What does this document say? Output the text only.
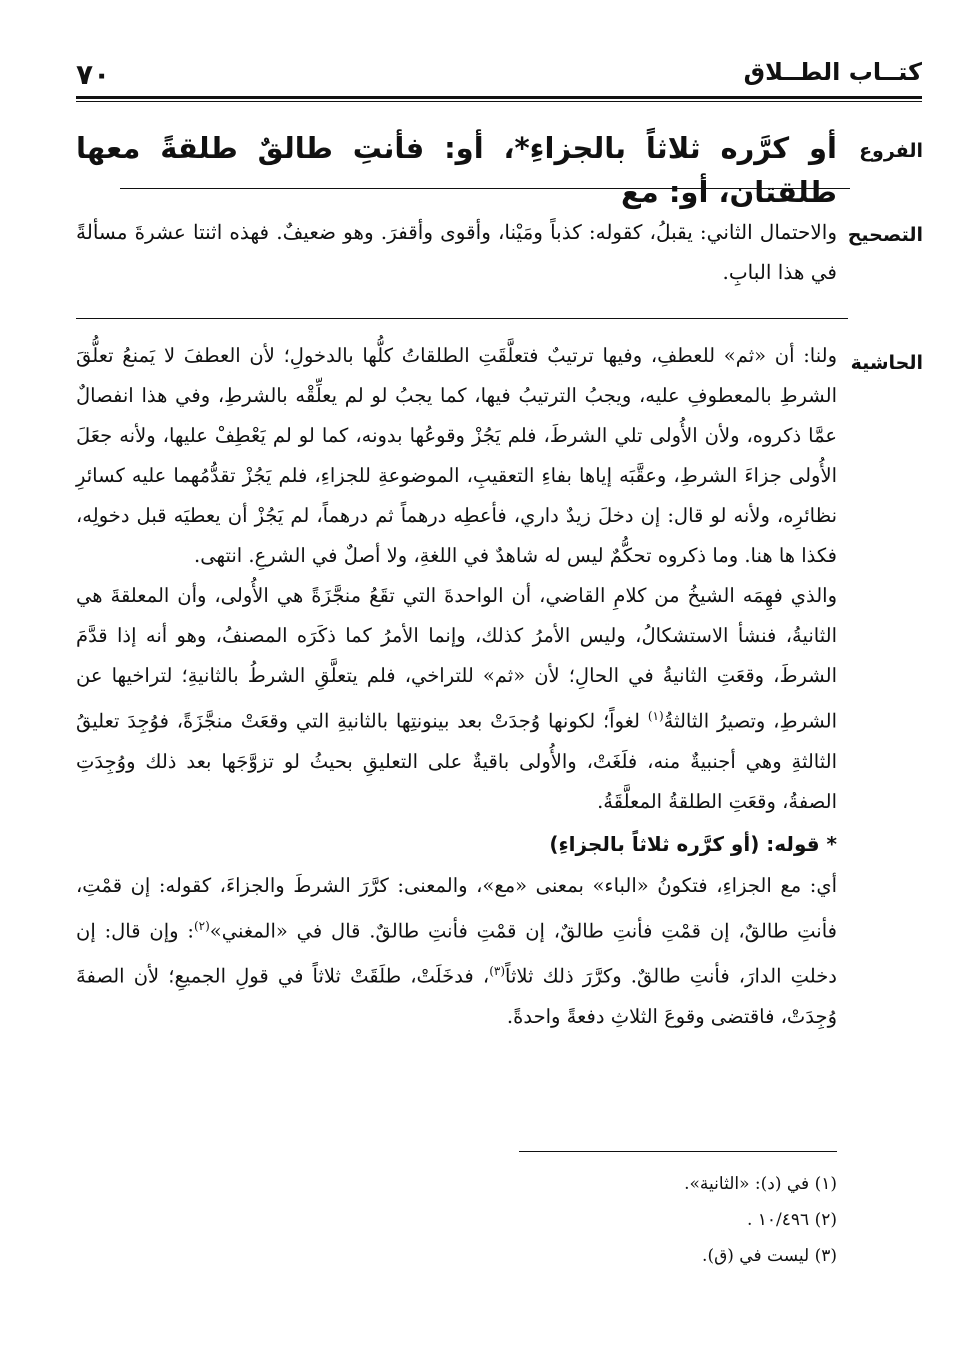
٧٠	كتــاب الطــلاق
الفروع

أو كرَّره ثلاثاً بالجزاءِ*، أو: فأنتِ طالقٌ طلقةً معها طلقتان، أو: مع

التصحيح

والاحتمال الثاني: يقبلُ، كقوله: كذباً ومَيْنا، وأقوى وأقفرَ. وهو ضعيفٌ. فهذه اثنتا عشرةَ مسألةً في هذا البابِ.

الحاشية

ولنا: أن «ثم» للعطفِ، وفيها ترتيبٌ فتعلَّقَتِ الطلقاتُ كلُّها بالدخولِ؛ لأن العطفَ لا يَمنعُ تعلُّقَ الشرطِ بالمعطوفِ عليه، ويجبُ الترتيبُ فيها، كما يجبُ لو لم يعلِّقْه بالشرطِ، وفي هذا انفصالٌ عمَّا ذكروه، ولأن الأُولى تلي الشرطَ، فلم يَجُزْ وقوعُها بدونه، كما لو لم يَعْطِفْ عليها، ولأنه جعَلَ الأُولى جزاءَ الشرطِ، وعقَّبَه إياها بفاءِ التعقيبِ، الموضوعةِ للجزاءِ، فلم يَجُزْ تقدُّمُهما عليه كسائرِ نظائرِه، ولأنه لو قال: إن دخلَ زيدٌ داري، فأعطِه درهماً ثم درهماً، لم يَجُزْ أن يعطيَه قبل دخولِه، فكذا ها هنا. وما ذكروه تحكُّمٌ ليس له شاهدٌ في اللغةِ، ولا أصلٌ في الشرعِ. انتهى.

والذي فهِمَه الشيخُ من كلامِ القاضي، أن الواحدةَ التي تقَعُ منجَّزَةً هي الأُولى، وأن المعلقةَ هي الثانيةُ، فنشأ الاستشكالُ، وليس الأمرُ كذلك، وإنما الأمرُ كما ذكَرَه المصنفُ، وهو أنه إذا قدَّمَ الشرطَ، وقعَتِ الثانيةُ في الحالِ؛ لأن «ثم» للتراخي، فلم يتعلَّقِ الشرطُ بالثانيةِ؛ لتراخيها عن الشرطِ، وتصيرُ الثالثةُ$^{(١)}$ لغواً؛ لكونها وُجدَتْ بعد بينونتِها بالثانيةِ التي وقعَتْ منجَّزَةً، فوُجِدَ تعليقُ الثالثةِ وهي أجنبيةٌ منه، فلَغَتْ، والأُولى باقيةٌ على التعليقِ بحيثُ لو تزوَّجَها بعد ذلك ووُجِدَتِ الصفةُ، وقعَتِ الطلقةُ المعلَّقَةُ.

* قوله: (أو كرَّره ثلاثاً بالجزاءِ)

أي: مع الجزاءِ، فتكونُ «الباء» بمعنى «مع»، والمعنى: كرَّرَ الشرطَ والجزاءَ، كقوله: إن قمْتِ، فأنتِ طالقٌ، إن قمْتِ فأنتِ طالقٌ، إن قمْتِ فأنتِ طالقٌ. قال في «المغني»$^{(٢)}$: وإن قال: إن دخلتِ الدارَ، فأنتِ طالقٌ. وكرَّرَ ذلك ثلاثاً$^{(٣)}$، فدخَلَتْ، طلَقَتْ ثلاثاً في قولِ الجميعِ؛ لأن الصفةَ وُجِدَتْ، فاقتضى وقوعَ الثلاثِ دفعةً واحدةً.

(١) في (د): «الثانية».
(٢) ١٠/٤٩٦ .
(٣) ليست في (ق).
